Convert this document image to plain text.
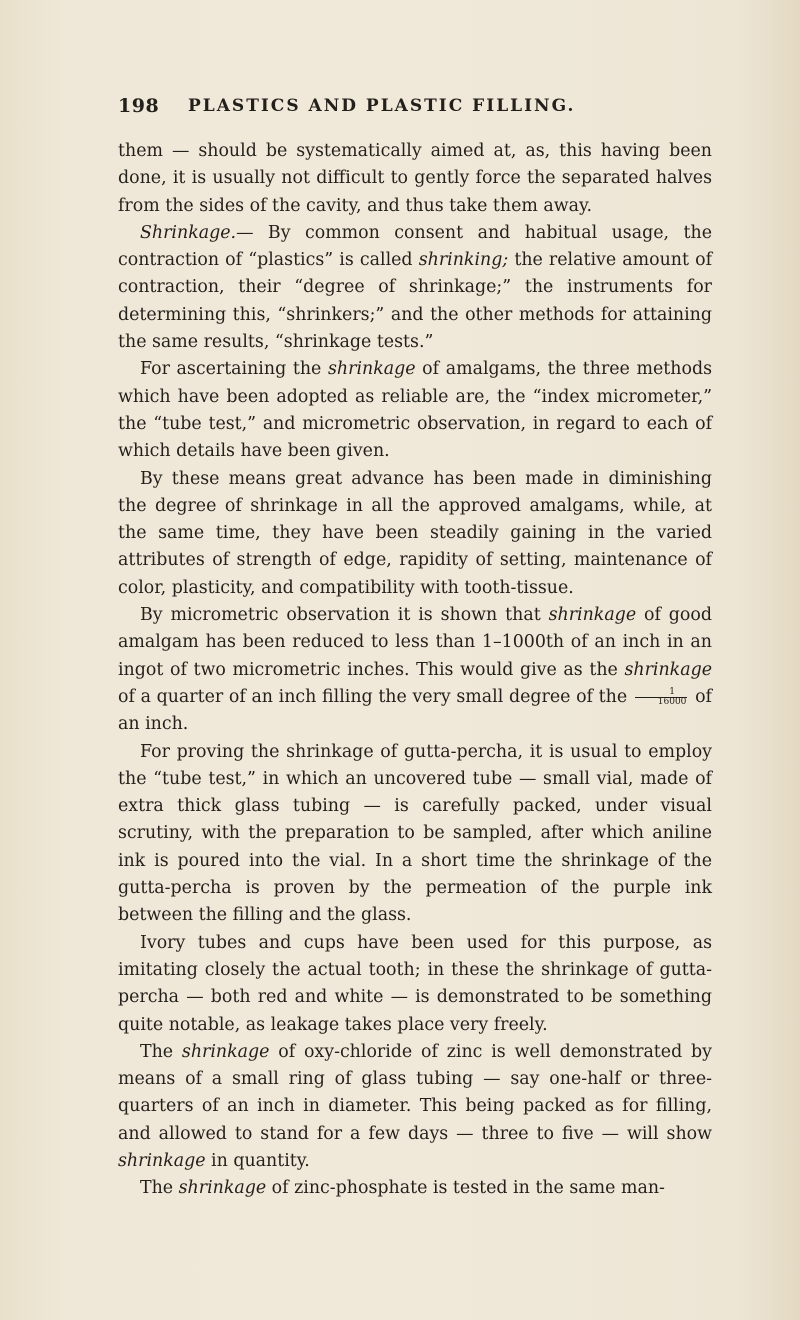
198 PLASTICS AND PLASTIC FILLING.

them — should be systematically aimed at, as, this having been done, it is usually not difficult to gently force the separated halves from the sides of the cavity, and thus take them away.

Shrinkage.— By common consent and habitual usage, the contraction of “plastics” is called shrinking; the relative amount of contraction, their “degree of shrinkage;” the instruments for determining this, “shrinkers;” and the other methods for attaining the same results, “shrinkage tests.”

For ascertaining the shrinkage of amalgams, the three methods which have been adopted as reliable are, the “index micrometer,” the “tube test,” and micrometric observation, in regard to each of which details have been given.

By these means great advance has been made in diminishing the degree of shrinkage in all the approved amalgams, while, at the same time, they have been steadily gaining in the varied attributes of strength of edge, rapidity of setting, maintenance of color, plasticity, and compatibility with tooth-tissue.

By micrometric observation it is shown that shrinkage of good amalgam has been reduced to less than 1–1000th of an inch in an ingot of two micrometric inches. This would give as the shrinkage of a quarter of an inch filling the very small degree of the $\frac{1}{16000}$ of an inch.

For proving the shrinkage of gutta-percha, it is usual to employ the “tube test,” in which an uncovered tube — small vial, made of extra thick glass tubing — is carefully packed, under visual scrutiny, with the preparation to be sampled, after which aniline ink is poured into the vial. In a short time the shrinkage of the gutta-percha is proven by the permeation of the purple ink between the filling and the glass.

Ivory tubes and cups have been used for this purpose, as imitating closely the actual tooth; in these the shrinkage of gutta-percha — both red and white — is demonstrated to be something quite notable, as leakage takes place very freely.

The shrinkage of oxy-chloride of zinc is well demonstrated by means of a small ring of glass tubing — say one-half or three-quarters of an inch in diameter. This being packed as for filling, and allowed to stand for a few days — three to five — will show shrinkage in quantity.

The shrinkage of zinc-phosphate is tested in the same man-
